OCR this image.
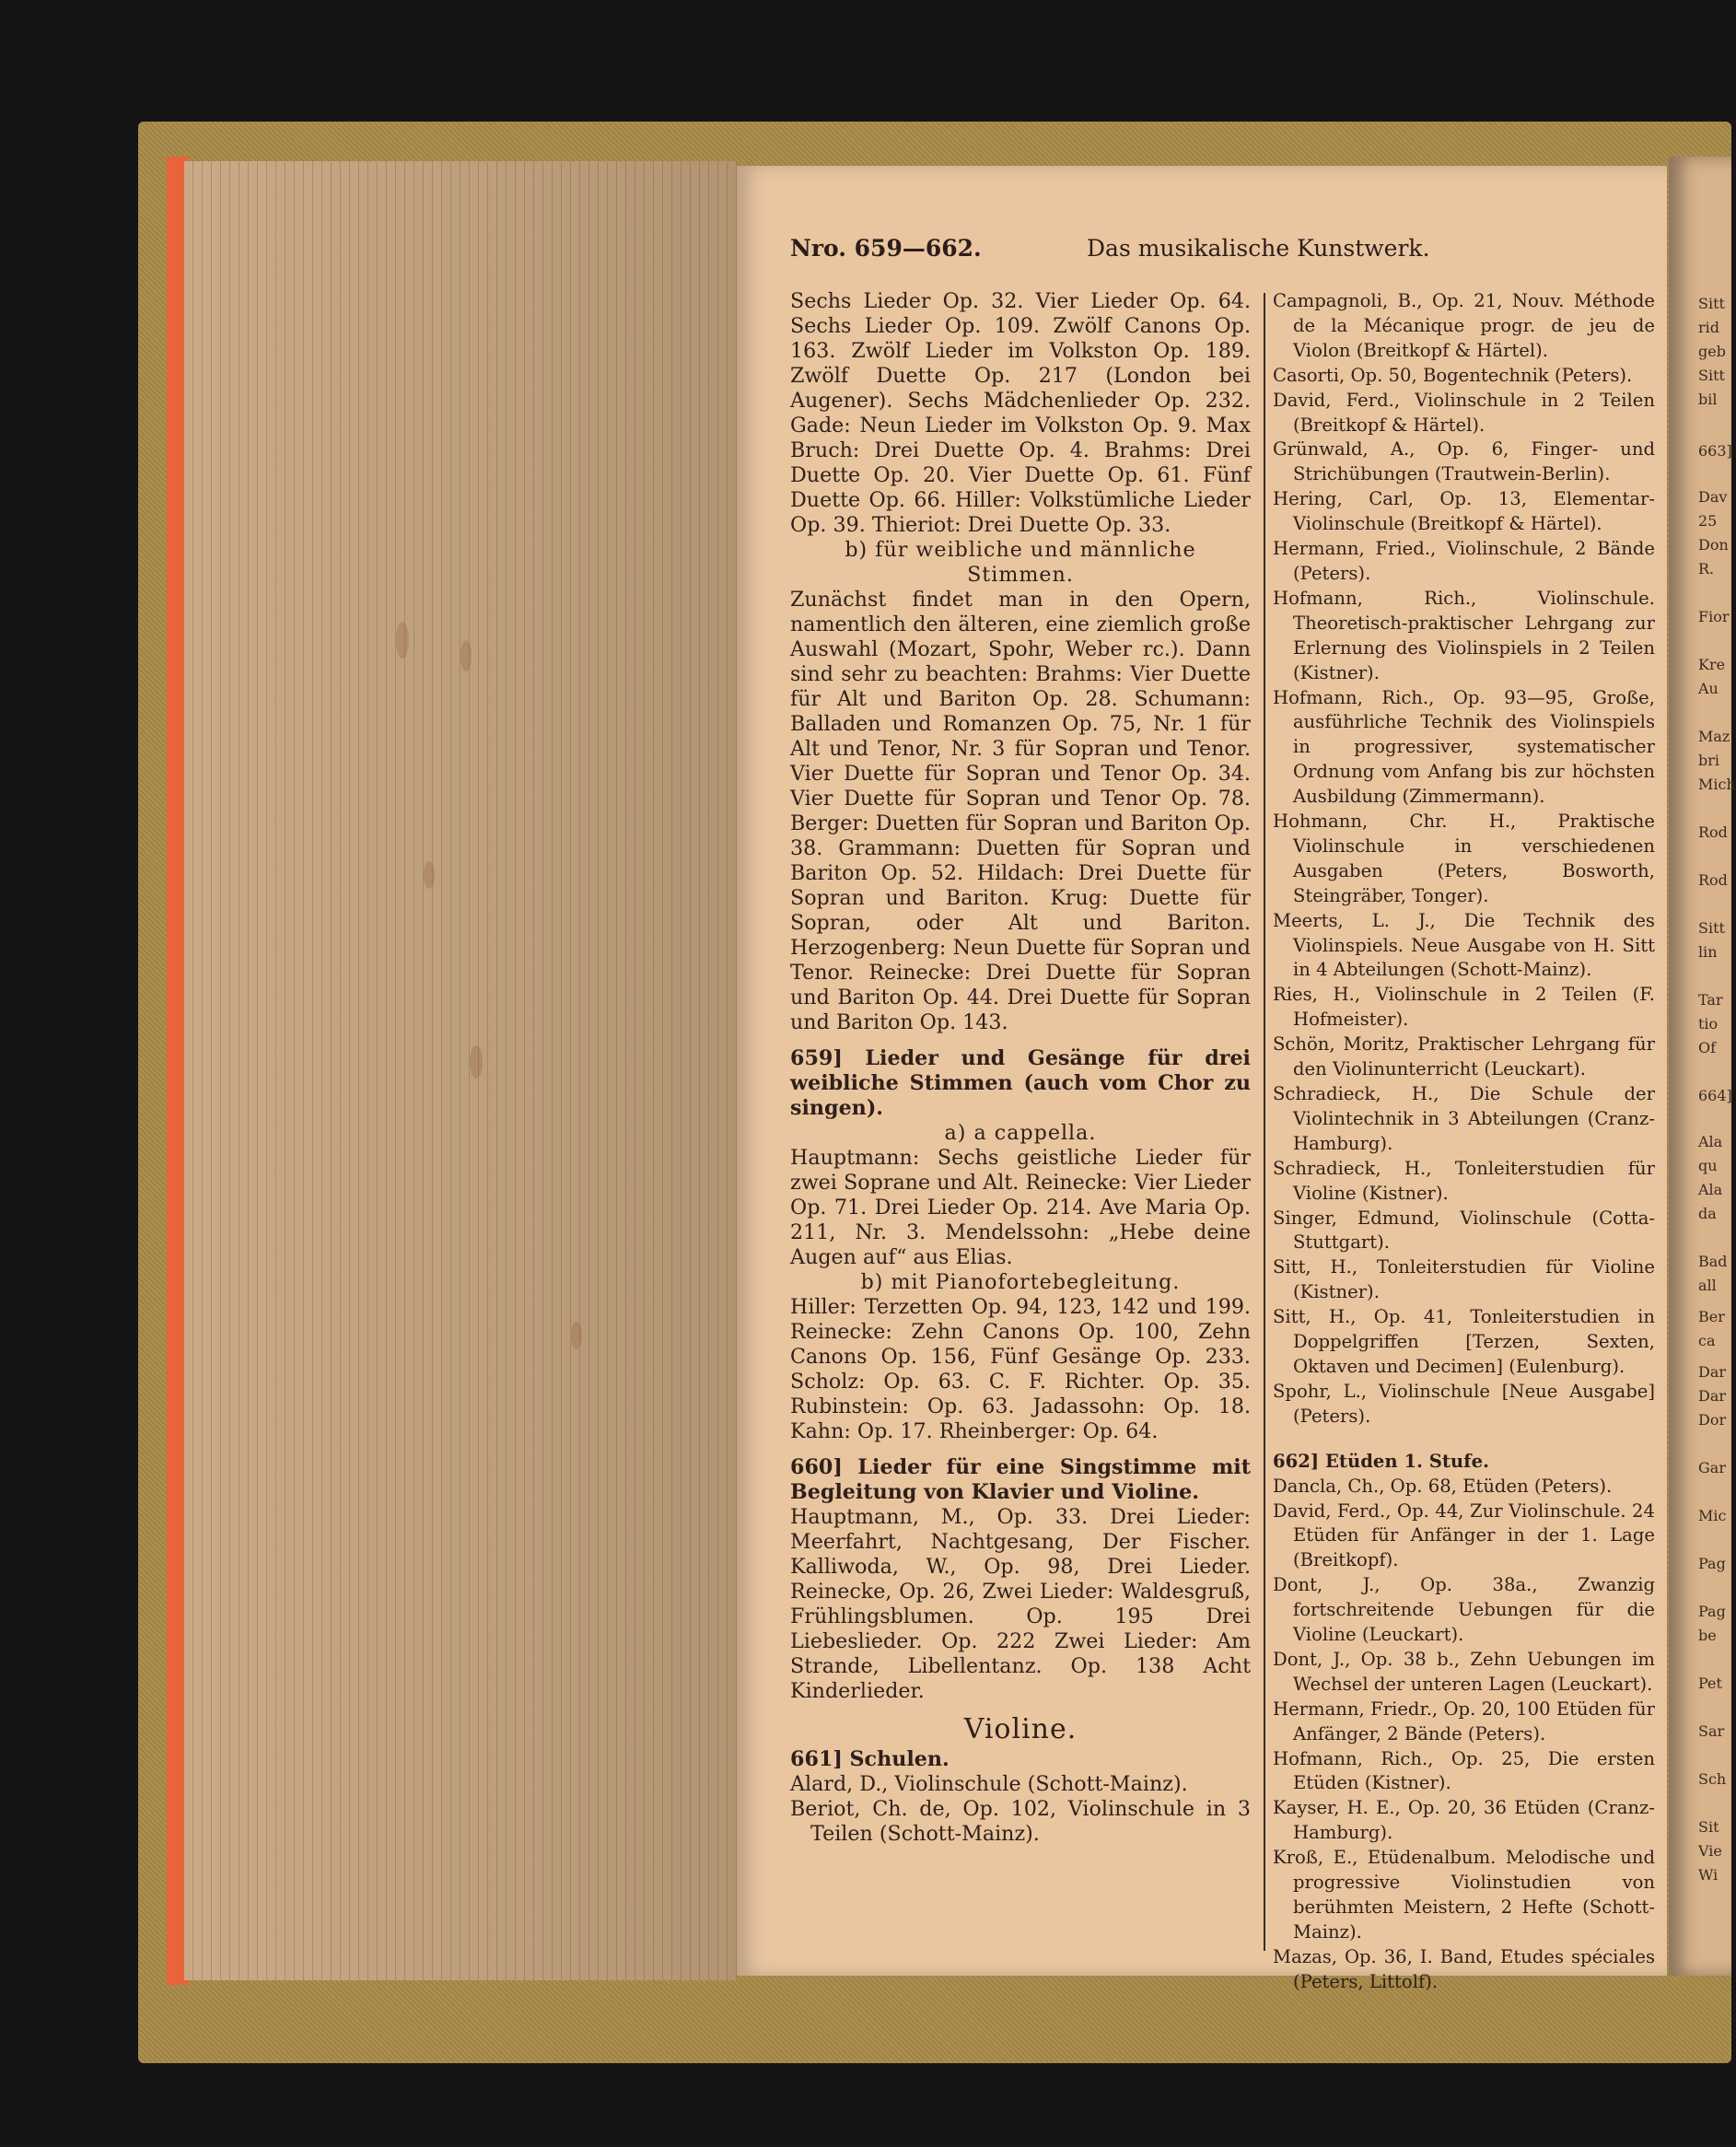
Sitt
rid
geb
Sitt
bil
663]
Dav
25
Don
R.
Fior
Kre
Au
Maz
bri
Mich
Rod
Rod
Sitt
lin
Tar
tio
Of
664]
Ala
qu
Ala
da
Bad
all
Ber
ca
Dar
Dar
Dor
Gar
Mic
Pag
Pag
be
Pet
Sar
Sch
Sit
Vie
Wi
Nro. 659—662.	Das musikalische Kunstwerk.

Sechs Lieder Op. 32. Vier Lieder Op. 64. Sechs Lieder Op. 109. Zwölf Canons Op. 163. Zwölf Lieder im Volkston Op. 189. Zwölf Duette Op. 217 (London bei Augener). Sechs Mädchenlieder Op. 232. Gade: Neun Lieder im Volkston Op. 9. Max Bruch: Drei Duette Op. 4. Brahms: Drei Duette Op. 20. Vier Duette Op. 61. Fünf Duette Op. 66. Hiller: Volkstümliche Lieder Op. 39. Thieriot: Drei Duette Op. 33.

b) für weibliche und männliche Stimmen.

Zunächst findet man in den Opern, namentlich den älteren, eine ziemlich große Auswahl (Mozart, Spohr, Weber rc.). Dann sind sehr zu beachten: Brahms: Vier Duette für Alt und Bariton Op. 28. Schumann: Balladen und Romanzen Op. 75, Nr. 1 für Alt und Tenor, Nr. 3 für Sopran und Tenor. Vier Duette für Sopran und Tenor Op. 34. Vier Duette für Sopran und Tenor Op. 78. Berger: Duetten für Sopran und Bariton Op. 38. Grammann: Duetten für Sopran und Bariton Op. 52. Hildach: Drei Duette für Sopran und Bariton. Krug: Duette für Sopran, oder Alt und Bariton. Herzogenberg: Neun Duette für Sopran und Tenor. Reinecke: Drei Duette für Sopran und Bariton Op. 44. Drei Duette für Sopran und Bariton Op. 143.

659] Lieder und Gesänge für drei weibliche Stimmen (auch vom Chor zu singen).

a) a cappella.

Hauptmann: Sechs geistliche Lieder für zwei Soprane und Alt. Reinecke: Vier Lieder Op. 71. Drei Lieder Op. 214. Ave Maria Op. 211, Nr. 3. Mendelssohn: „Hebe deine Augen auf“ aus Elias.

b) mit Pianofortebegleitung.

Hiller: Terzetten Op. 94, 123, 142 und 199. Reinecke: Zehn Canons Op. 100, Zehn Canons Op. 156, Fünf Gesänge Op. 233. Scholz: Op. 63. C. F. Richter. Op. 35. Rubinstein: Op. 63. Jadassohn: Op. 18. Kahn: Op. 17. Rheinberger: Op. 64.

660] Lieder für eine Singstimme mit Begleitung von Klavier und Violine.

Hauptmann, M., Op. 33. Drei Lieder: Meerfahrt, Nachtgesang, Der Fischer. Kalliwoda, W., Op. 98, Drei Lieder. Reinecke, Op. 26, Zwei Lieder: Waldesgruß, Frühlingsblumen. Op. 195 Drei Liebeslieder. Op. 222 Zwei Lieder: Am Strande, Libellentanz. Op. 138 Acht Kinderlieder.

Violine.

661] Schulen.

Alard, D., Violinschule (Schott-Mainz).

Beriot, Ch. de, Op. 102, Violinschule in 3 Teilen (Schott-Mainz).

Campagnoli, B., Op. 21, Nouv. Méthode de la Mécanique progr. de jeu de Violon (Breitkopf & Härtel).

Casorti, Op. 50, Bogentechnik (Peters).

David, Ferd., Violinschule in 2 Teilen (Breitkopf & Härtel).

Grünwald, A., Op. 6, Finger- und Strichübungen (Trautwein-Berlin).

Hering, Carl, Op. 13, Elementar-Violinschule (Breitkopf & Härtel).

Hermann, Fried., Violinschule, 2 Bände (Peters).

Hofmann, Rich., Violinschule. Theoretisch-praktischer Lehrgang zur Erlernung des Violinspiels in 2 Teilen (Kistner).

Hofmann, Rich., Op. 93—95, Große, ausführliche Technik des Violinspiels in progressiver, systematischer Ordnung vom Anfang bis zur höchsten Ausbildung (Zimmermann).

Hohmann, Chr. H., Praktische Violinschule in verschiedenen Ausgaben (Peters, Bosworth, Steingräber, Tonger).

Meerts, L. J., Die Technik des Violinspiels. Neue Ausgabe von H. Sitt in 4 Abteilungen (Schott-Mainz).

Ries, H., Violinschule in 2 Teilen (F. Hofmeister).

Schön, Moritz, Praktischer Lehrgang für den Violinunterricht (Leuckart).

Schradieck, H., Die Schule der Violintechnik in 3 Abteilungen (Cranz-Hamburg).

Schradieck, H., Tonleiterstudien für Violine (Kistner).

Singer, Edmund, Violinschule (Cotta-Stuttgart).

Sitt, H., Tonleiterstudien für Violine (Kistner).

Sitt, H., Op. 41, Tonleiterstudien in Doppelgriffen [Terzen, Sexten, Oktaven und Decimen] (Eulenburg).

Spohr, L., Violinschule [Neue Ausgabe] (Peters).

662] Etüden 1. Stufe.

Dancla, Ch., Op. 68, Etüden (Peters).

David, Ferd., Op. 44, Zur Violinschule. 24 Etüden für Anfänger in der 1. Lage (Breitkopf).

Dont, J., Op. 38a., Zwanzig fortschreitende Uebungen für die Violine (Leuckart).

Dont, J., Op. 38 b., Zehn Uebungen im Wechsel der unteren Lagen (Leuckart).

Hermann, Friedr., Op. 20, 100 Etüden für Anfänger, 2 Bände (Peters).

Hofmann, Rich., Op. 25, Die ersten Etüden (Kistner).

Kayser, H. E., Op. 20, 36 Etüden (Cranz-Hamburg).

Kroß, E., Etüdenalbum. Melodische und progressive Violinstudien von berühmten Meistern, 2 Hefte (Schott-Mainz).

Mazas, Op. 36, I. Band, Etudes spéciales (Peters, Littolf).
